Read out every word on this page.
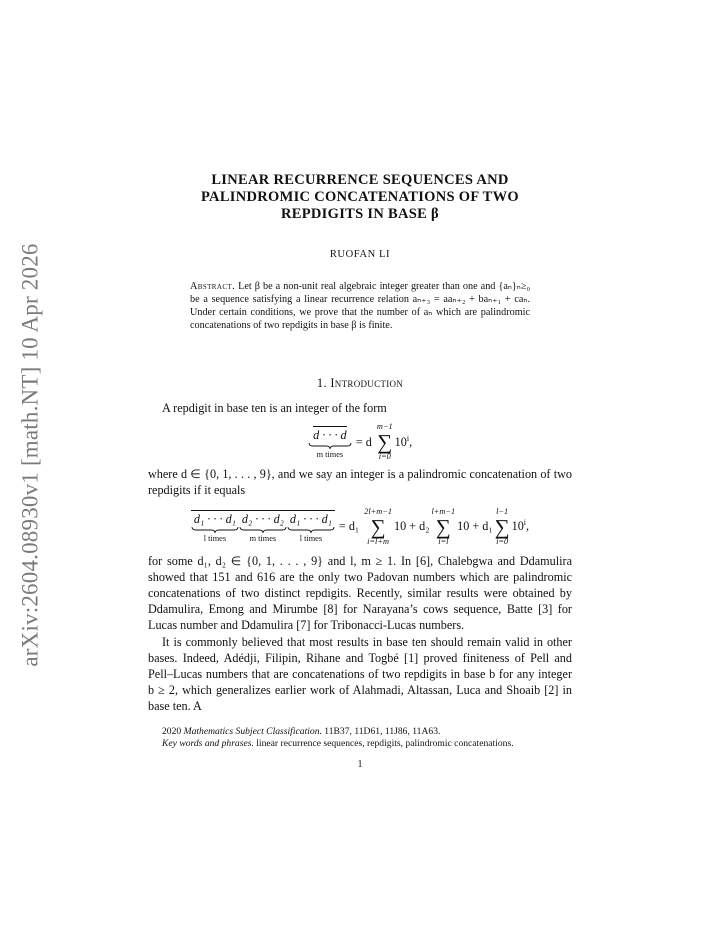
arXiv:2604.08930v1 [math.NT] 10 Apr 2026
LINEAR RECURRENCE SEQUENCES AND
PALINDROMIC CONCATENATIONS OF TWO
REPDIGITS IN BASE β
RUOFAN LI
Abstract. Let β be a non-unit real algebraic integer greater than one and {aₙ}ₙ≥₀ be a sequence satisfying a linear recurrence relation aₙ₊₃ = aaₙ₊₂ + baₙ₊₁ + caₙ. Under certain conditions, we prove that the number of aₙ which are palindromic concatenations of two repdigits in base β is finite.
1. Introduction

A repdigit in base ten is an integer of the form

d · · · d
m times
= d
m−1
∑
i=0
10$^i$ ,

where d ∈ {0, 1, . . . , 9}, and we say an integer is a palindromic concatenation of two repdigits if it equals

d₁ · · · d₁
l times
d₂ · · · d₂
m times
d₁ · · · d₁
l times
= d₁
2l+m−1
∑
i=l+m
10 + d₂
l+m−1
∑
i=l
10 + d₁
l−1
∑
i=0
10$^i$ ,

for some d₁, d₂ ∈ {0, 1, . . . , 9} and l, m ≥ 1. In [6], Chalebgwa and Ddamulira showed that 151 and 616 are the only two Padovan numbers which are palindromic concatenations of two distinct repdigits. Recently, similar results were obtained by Ddamulira, Emong and Mirumbe [8] for Narayana’s cows sequence, Batte [3] for Lucas number and Ddamulira [7] for Tribonacci-Lucas numbers.

It is commonly believed that most results in base ten should remain valid in other bases. Indeed, Adédji, Filipin, Rihane and Togbé [1] proved finiteness of Pell and Pell–Lucas numbers that are concatenations of two repdigits in base b for any integer b ≥ 2, which generalizes earlier work of Alahmadi, Altassan, Luca and Shoaib [2] in base ten. A

2020 Mathematics Subject Classification. 11B37, 11D61, 11J86, 11A63.

Key words and phrases. linear recurrence sequences, repdigits, palindromic concatenations.

1
